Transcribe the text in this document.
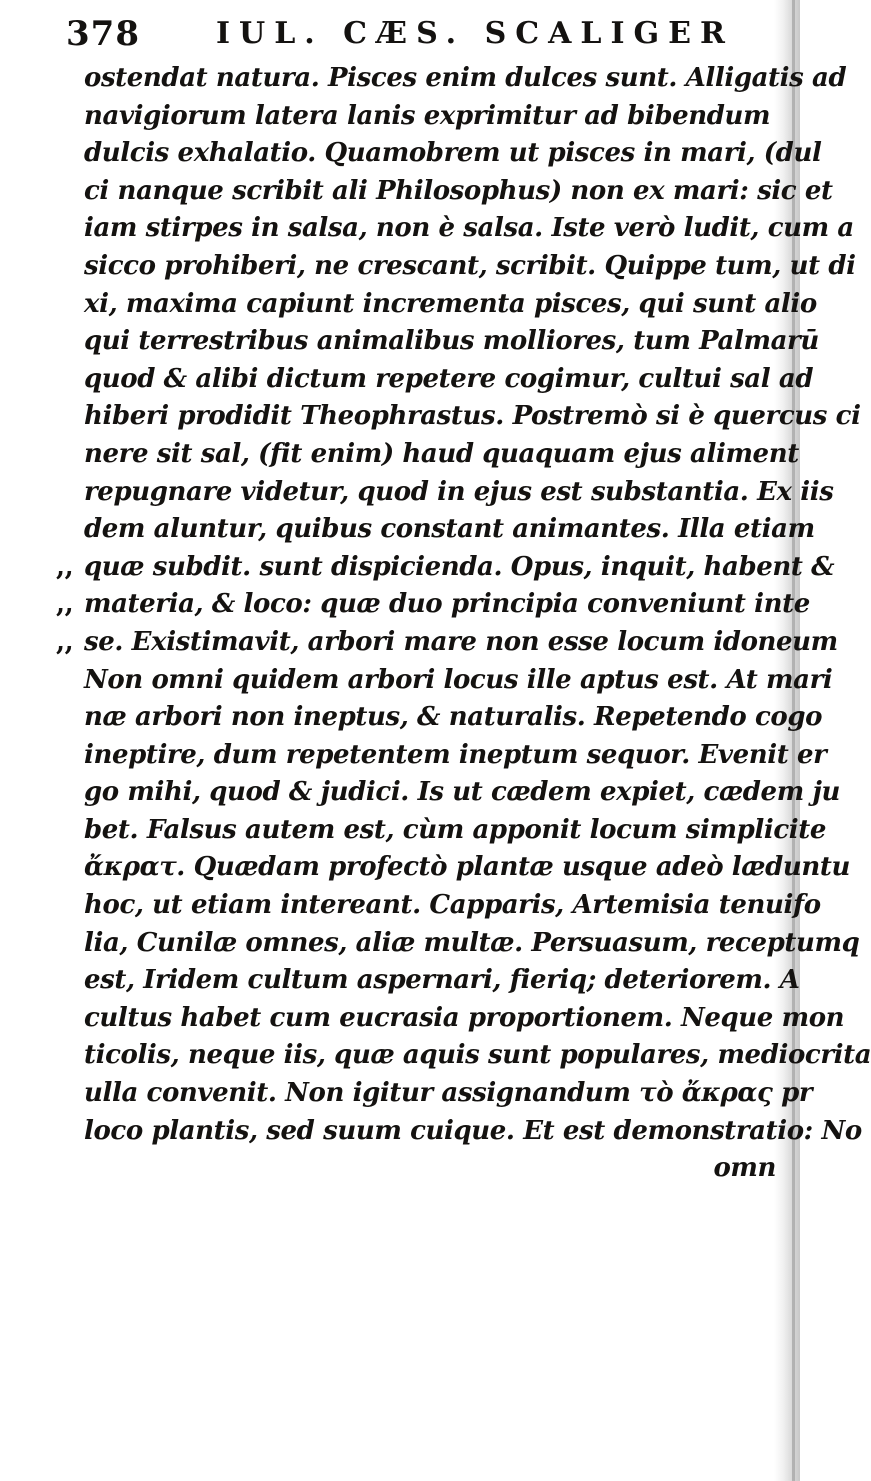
378	IUL. CÆS. SCALIGER
ostendat natura. Pisces enim dulces sunt. Alligatis ad
navigiorum latera lanis exprimitur ad bibendum
dulcis exhalatio. Quamobrem ut pisces in mari, (dul
ci nanque scribit ali Philosophus) non ex mari: sic et
iam stirpes in salsa, non è salsa. Iste verò ludit, cum a
sicco prohiberi, ne crescant, scribit. Quippe tum, ut di
xi, maxima capiunt incrementa pisces, qui sunt alio
qui terrestribus animalibus molliores, tum Palmarū
quod & alibi dictum repetere cogimur, cultui sal ad
hiberi prodidit Theophrastus. Postremò si è quercus ci
nere sit sal, (fit enim) haud quaquam ejus aliment
repugnare videtur, quod in ejus est substantia. Ex iis
dem aluntur, quibus constant animantes. Illa etiam
,, quæ subdit. sunt dispicienda. Opus, inquit, habent &
,, materia, & loco: quæ duo principia conveniunt inte
,, se. Existimavit, arbori mare non esse locum idoneum
Non omni quidem arbori locus ille aptus est. At mari
næ arbori non ineptus, & naturalis. Repetendo cogo
ineptire, dum repetentem ineptum sequor. Evenit er
go mihi, quod & judici. Is ut cædem expiet, cædem ju
bet. Falsus autem est, cùm apponit locum simplicite
ἄκρατ. Quædam profectò plantæ usque adeò læduntu
hoc, ut etiam intereant. Capparis, Artemisia tenuifo
lia, Cunilæ omnes, aliæ multæ. Persuasum, receptumq
est, Iridem cultum aspernari, fieriq; deteriorem. A
cultus habet cum eucrasia proportionem. Neque mon
ticolis, neque iis, quæ aquis sunt populares, mediocrita
ulla convenit. Non igitur assignandum τὸ ἄκρας pr
loco plantis, sed suum cuique. Et est demonstratio: No
omn
